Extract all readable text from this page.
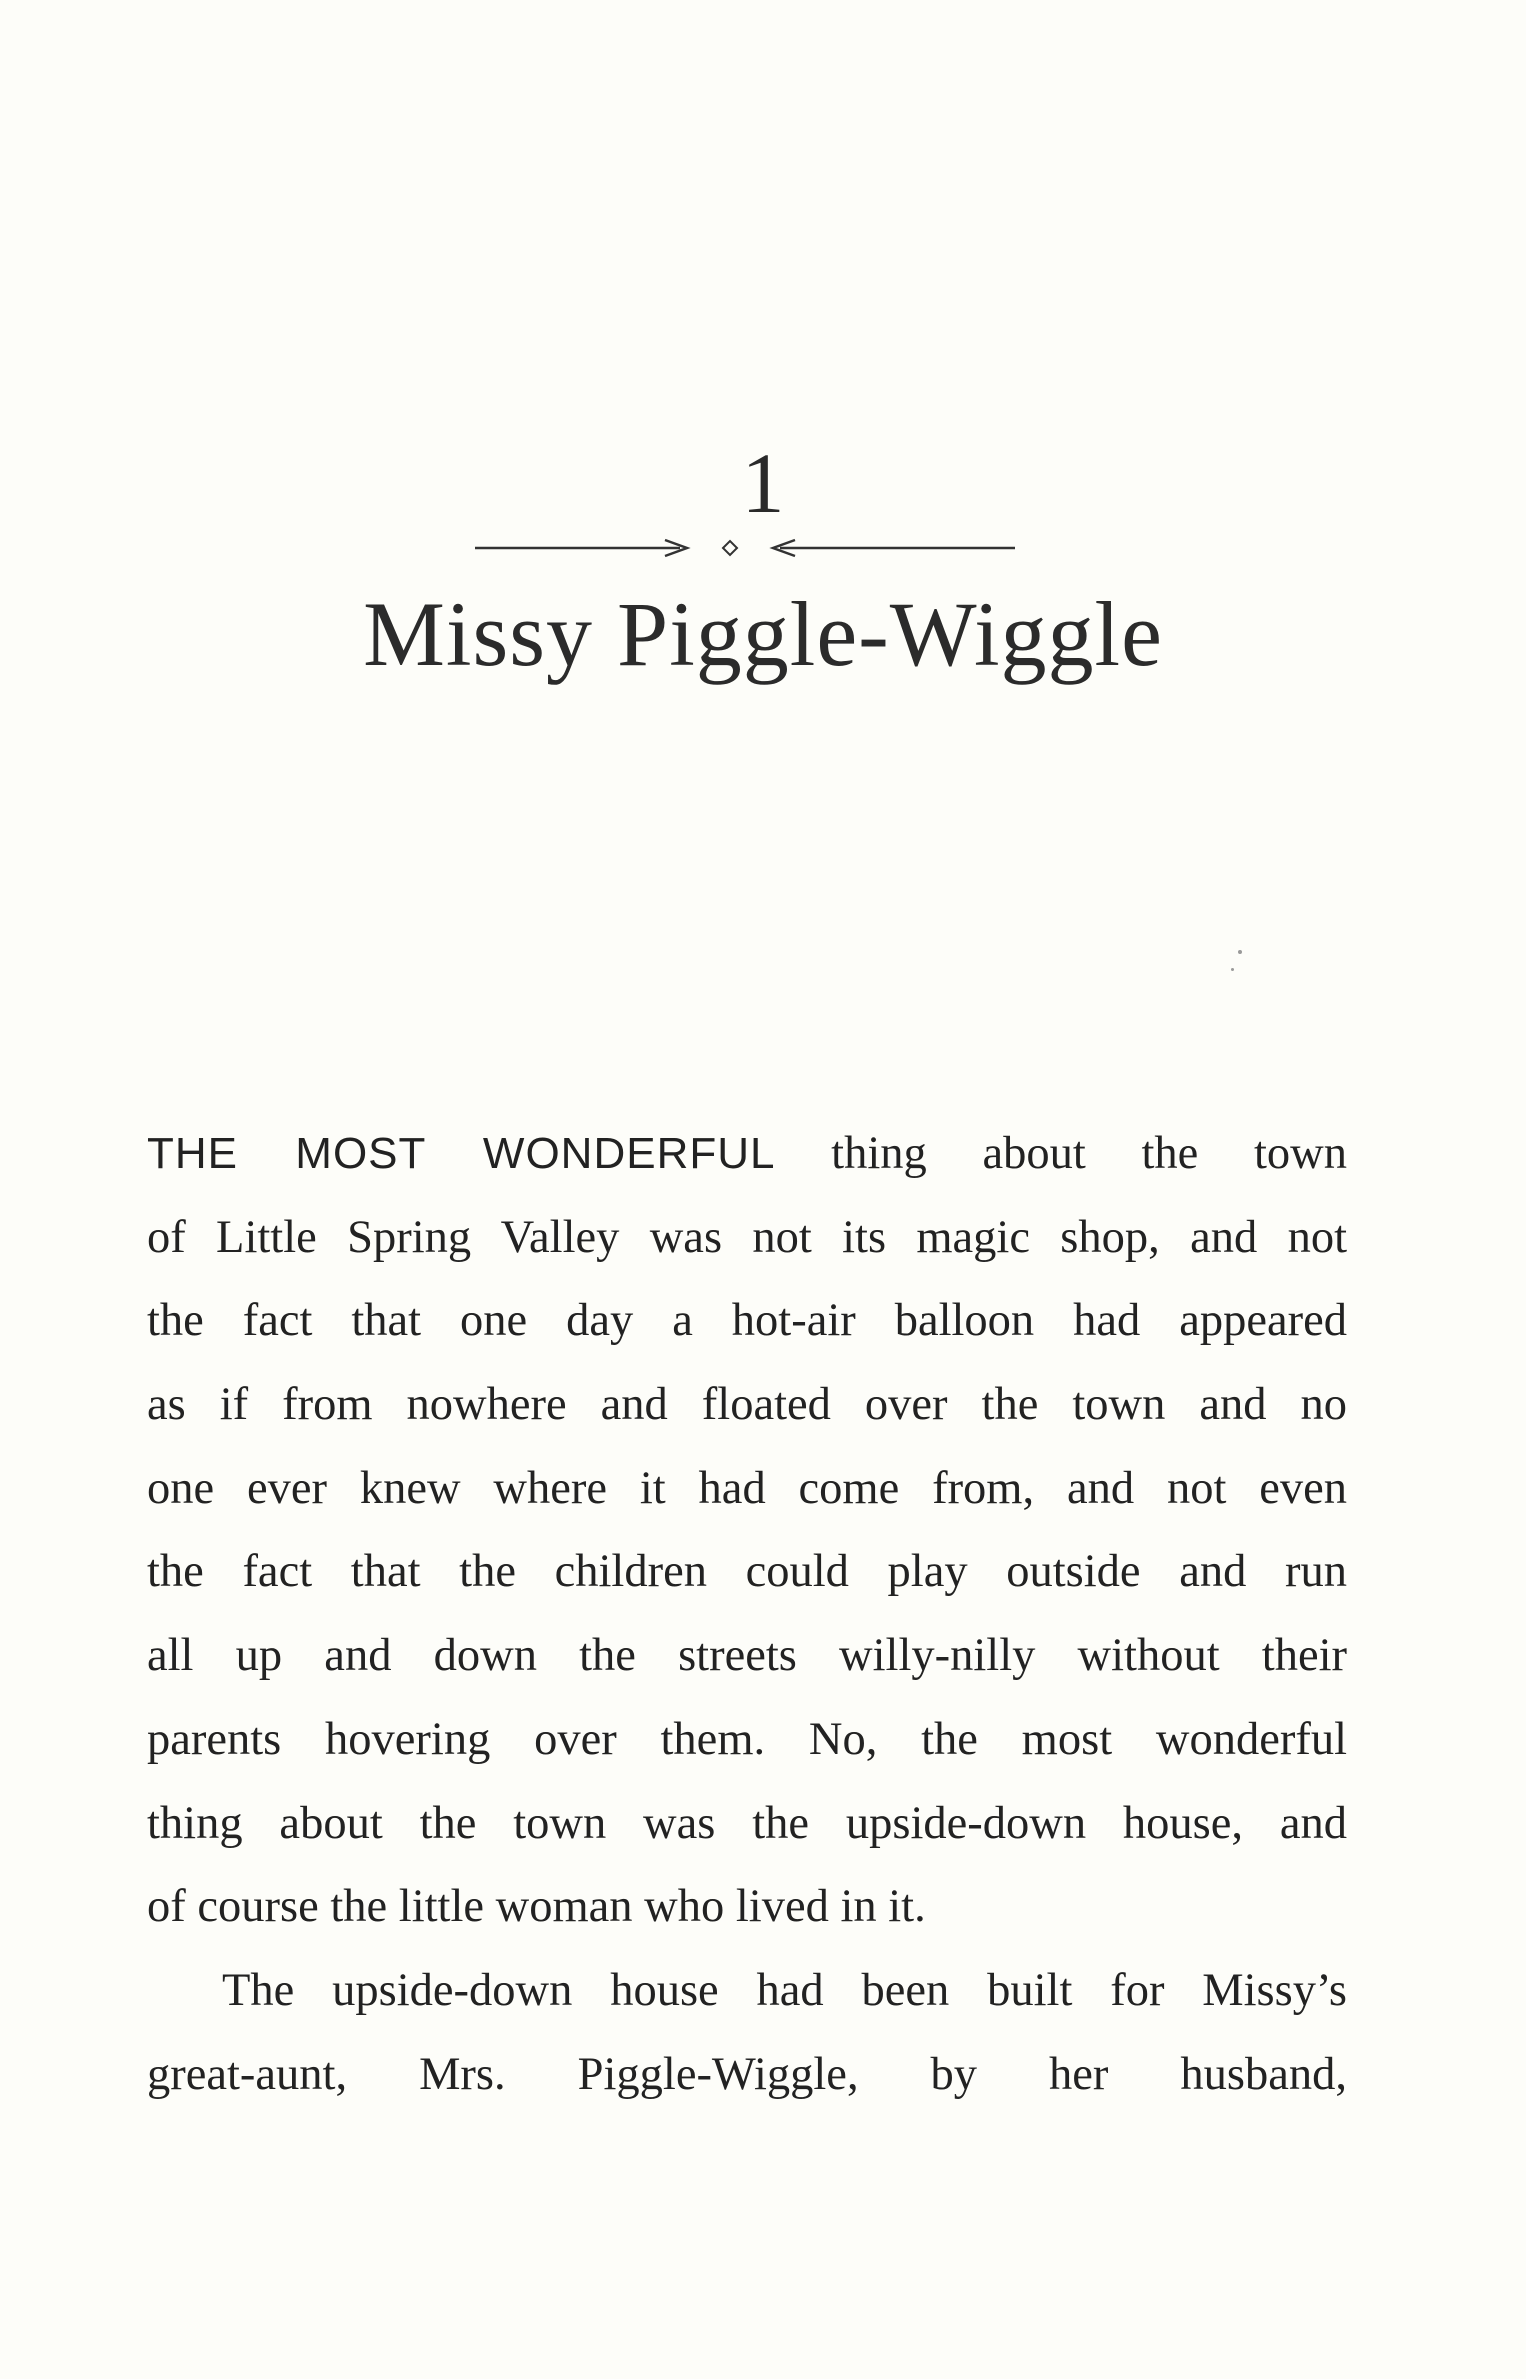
1
Missy Piggle-Wiggle
THE MOST WONDERFUL thing about the town
of Little Spring Valley was not its magic shop, and not
the fact that one day a hot-air balloon had appeared
as if from nowhere and floated over the town and no
one ever knew where it had come from, and not even
the fact that the children could play outside and run
all up and down the streets willy-nilly without their
parents hovering over them. No, the most wonderful
thing about the town was the upside-down house, and
of course the little woman who lived in it.
The upside-down house had been built for Missy’s
great-aunt, Mrs. Piggle-Wiggle, by her husband,
